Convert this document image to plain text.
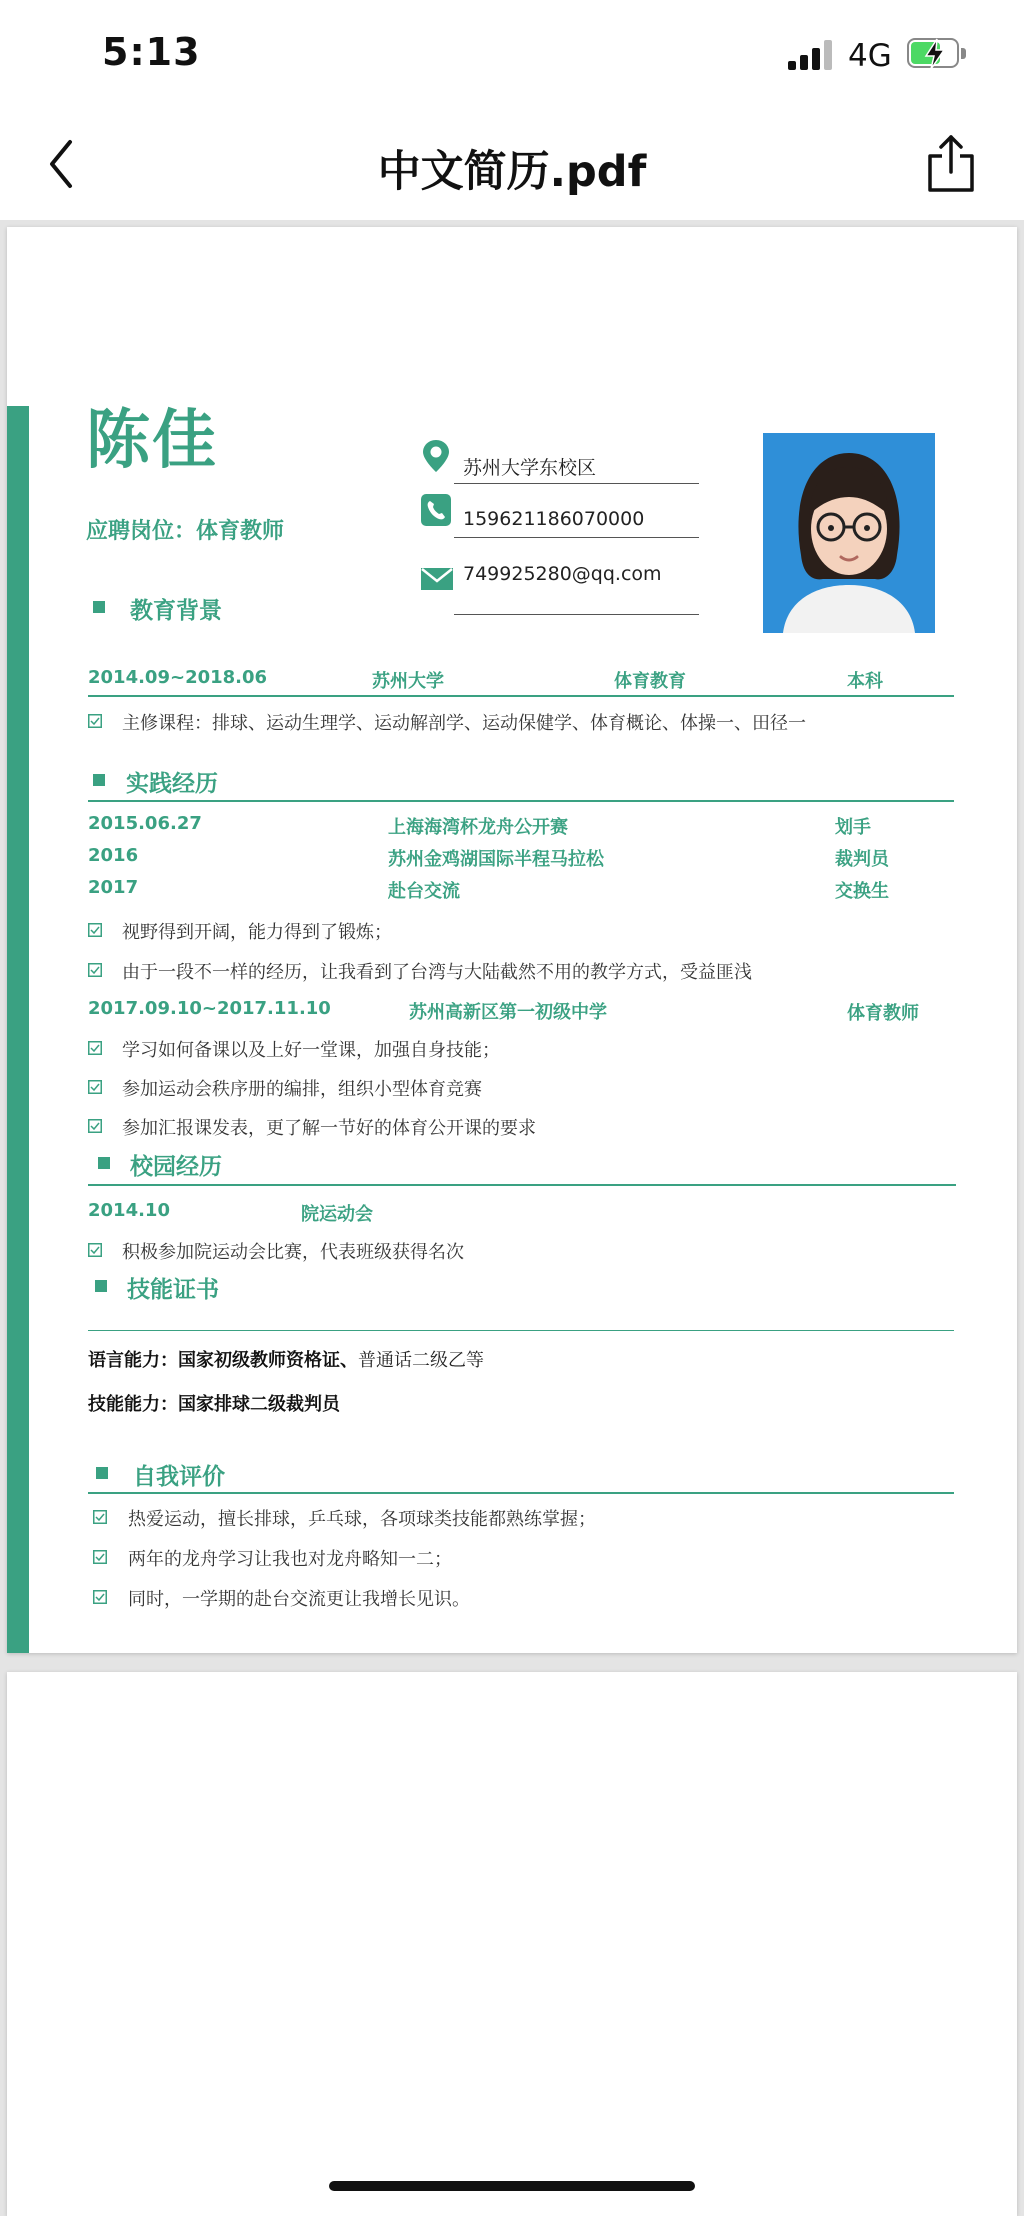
5:13	4G
中文简历.pdf
陈佳
应聘岗位：体育教师
苏州大学东校区
15962118607000​0
749925280@qq.com
教育背景
2014.09~2018.06	苏州大学	体育教育	本科
主修课程：排球、运动生理学、运动解剖学、运动保健学、体育概论、体操一、田径一
实践经历
2015.06.27	上海海湾杯龙舟公开赛	划手
2016	苏州金鸡湖国际半程马拉松	裁判员
2017	赴台交流	交换生
视野得到开阔，能力得到了锻炼；
由于一段不一样的经历，让我看到了台湾与大陆截然不用的教学方式，受益匪浅
2017.09.10~2017.11.10	苏州高新区第一初级中学	体育教师
学习如何备课以及上好一堂课，加强自身技能；
参加运动会秩序册的编排，组织小型体育竞赛
参加汇报课发表，更了解一节好的体育公开课的要求
校园经历
2014.10	院运动会
积极参加院运动会比赛，代表班级获得名次
技能证书
语言能力：国家初级教师资格证、普通话二级乙等
技能能力：国家排球二级裁判员
自我评价
热爱运动，擅长排球，乒乓球，各项球类技能都熟练掌握；
两年的龙舟学习让我也对龙舟略知一二；
同时，一学期的赴台交流更让我增长见识。
